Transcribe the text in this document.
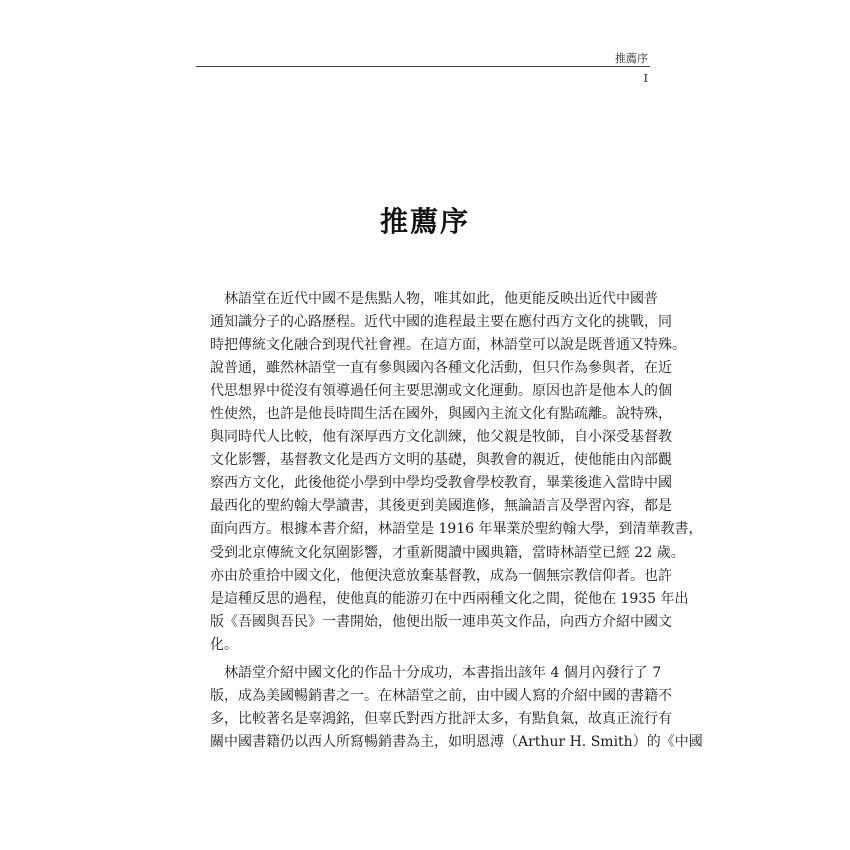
推薦序
I
推薦序
　林語堂在近代中國不是焦點人物，唯其如此，他更能反映出近代中國普
通知識分子的心路歷程。近代中國的進程最主要在應付西方文化的挑戰，同
時把傳統文化融合到現代社會裡。在這方面，林語堂可以說是既普通又特殊。
說普通，雖然林語堂一直有參與國內各種文化活動，但只作為參與者，在近
代思想界中從沒有領導過任何主要思潮或文化運動。原因也許是他本人的個
性使然，也許是他長時間生活在國外，與國內主流文化有點疏離。說特殊，
與同時代人比較，他有深厚西方文化訓練，他父親是牧師，自小深受基督教
文化影響，基督教文化是西方文明的基礎，與教會的親近，使他能由內部觀
察西方文化，此後他從小學到中學均受教會學校教育，畢業後進入當時中國
最西化的聖約翰大學讀書，其後更到美國進修，無論語言及學習內容，都是
面向西方。根據本書介紹，林語堂是 1916 年畢業於聖約翰大學，到清華教書，
受到北京傳統文化氛圍影響，才重新閱讀中國典籍，當時林語堂已經 22 歲。
亦由於重拾中國文化，他便決意放棄基督教，成為一個無宗教信仰者。也許
是這種反思的過程，使他真的能游刃在中西兩種文化之間，從他在 1935 年出
版《吾國與吾民》一書開始，他便出版一連串英文作品，向西方介紹中國文
化。
　林語堂介紹中國文化的作品十分成功，本書指出該年 4 個月內發行了 7
版，成為美國暢銷書之一。在林語堂之前，由中國人寫的介紹中國的書籍不
多，比較著名是辜鴻銘，但辜氏對西方批評太多，有點負氣，故真正流行有
關中國書籍仍以西人所寫暢銷書為主，如明恩溥（Arthur H. Smith）的《中國
